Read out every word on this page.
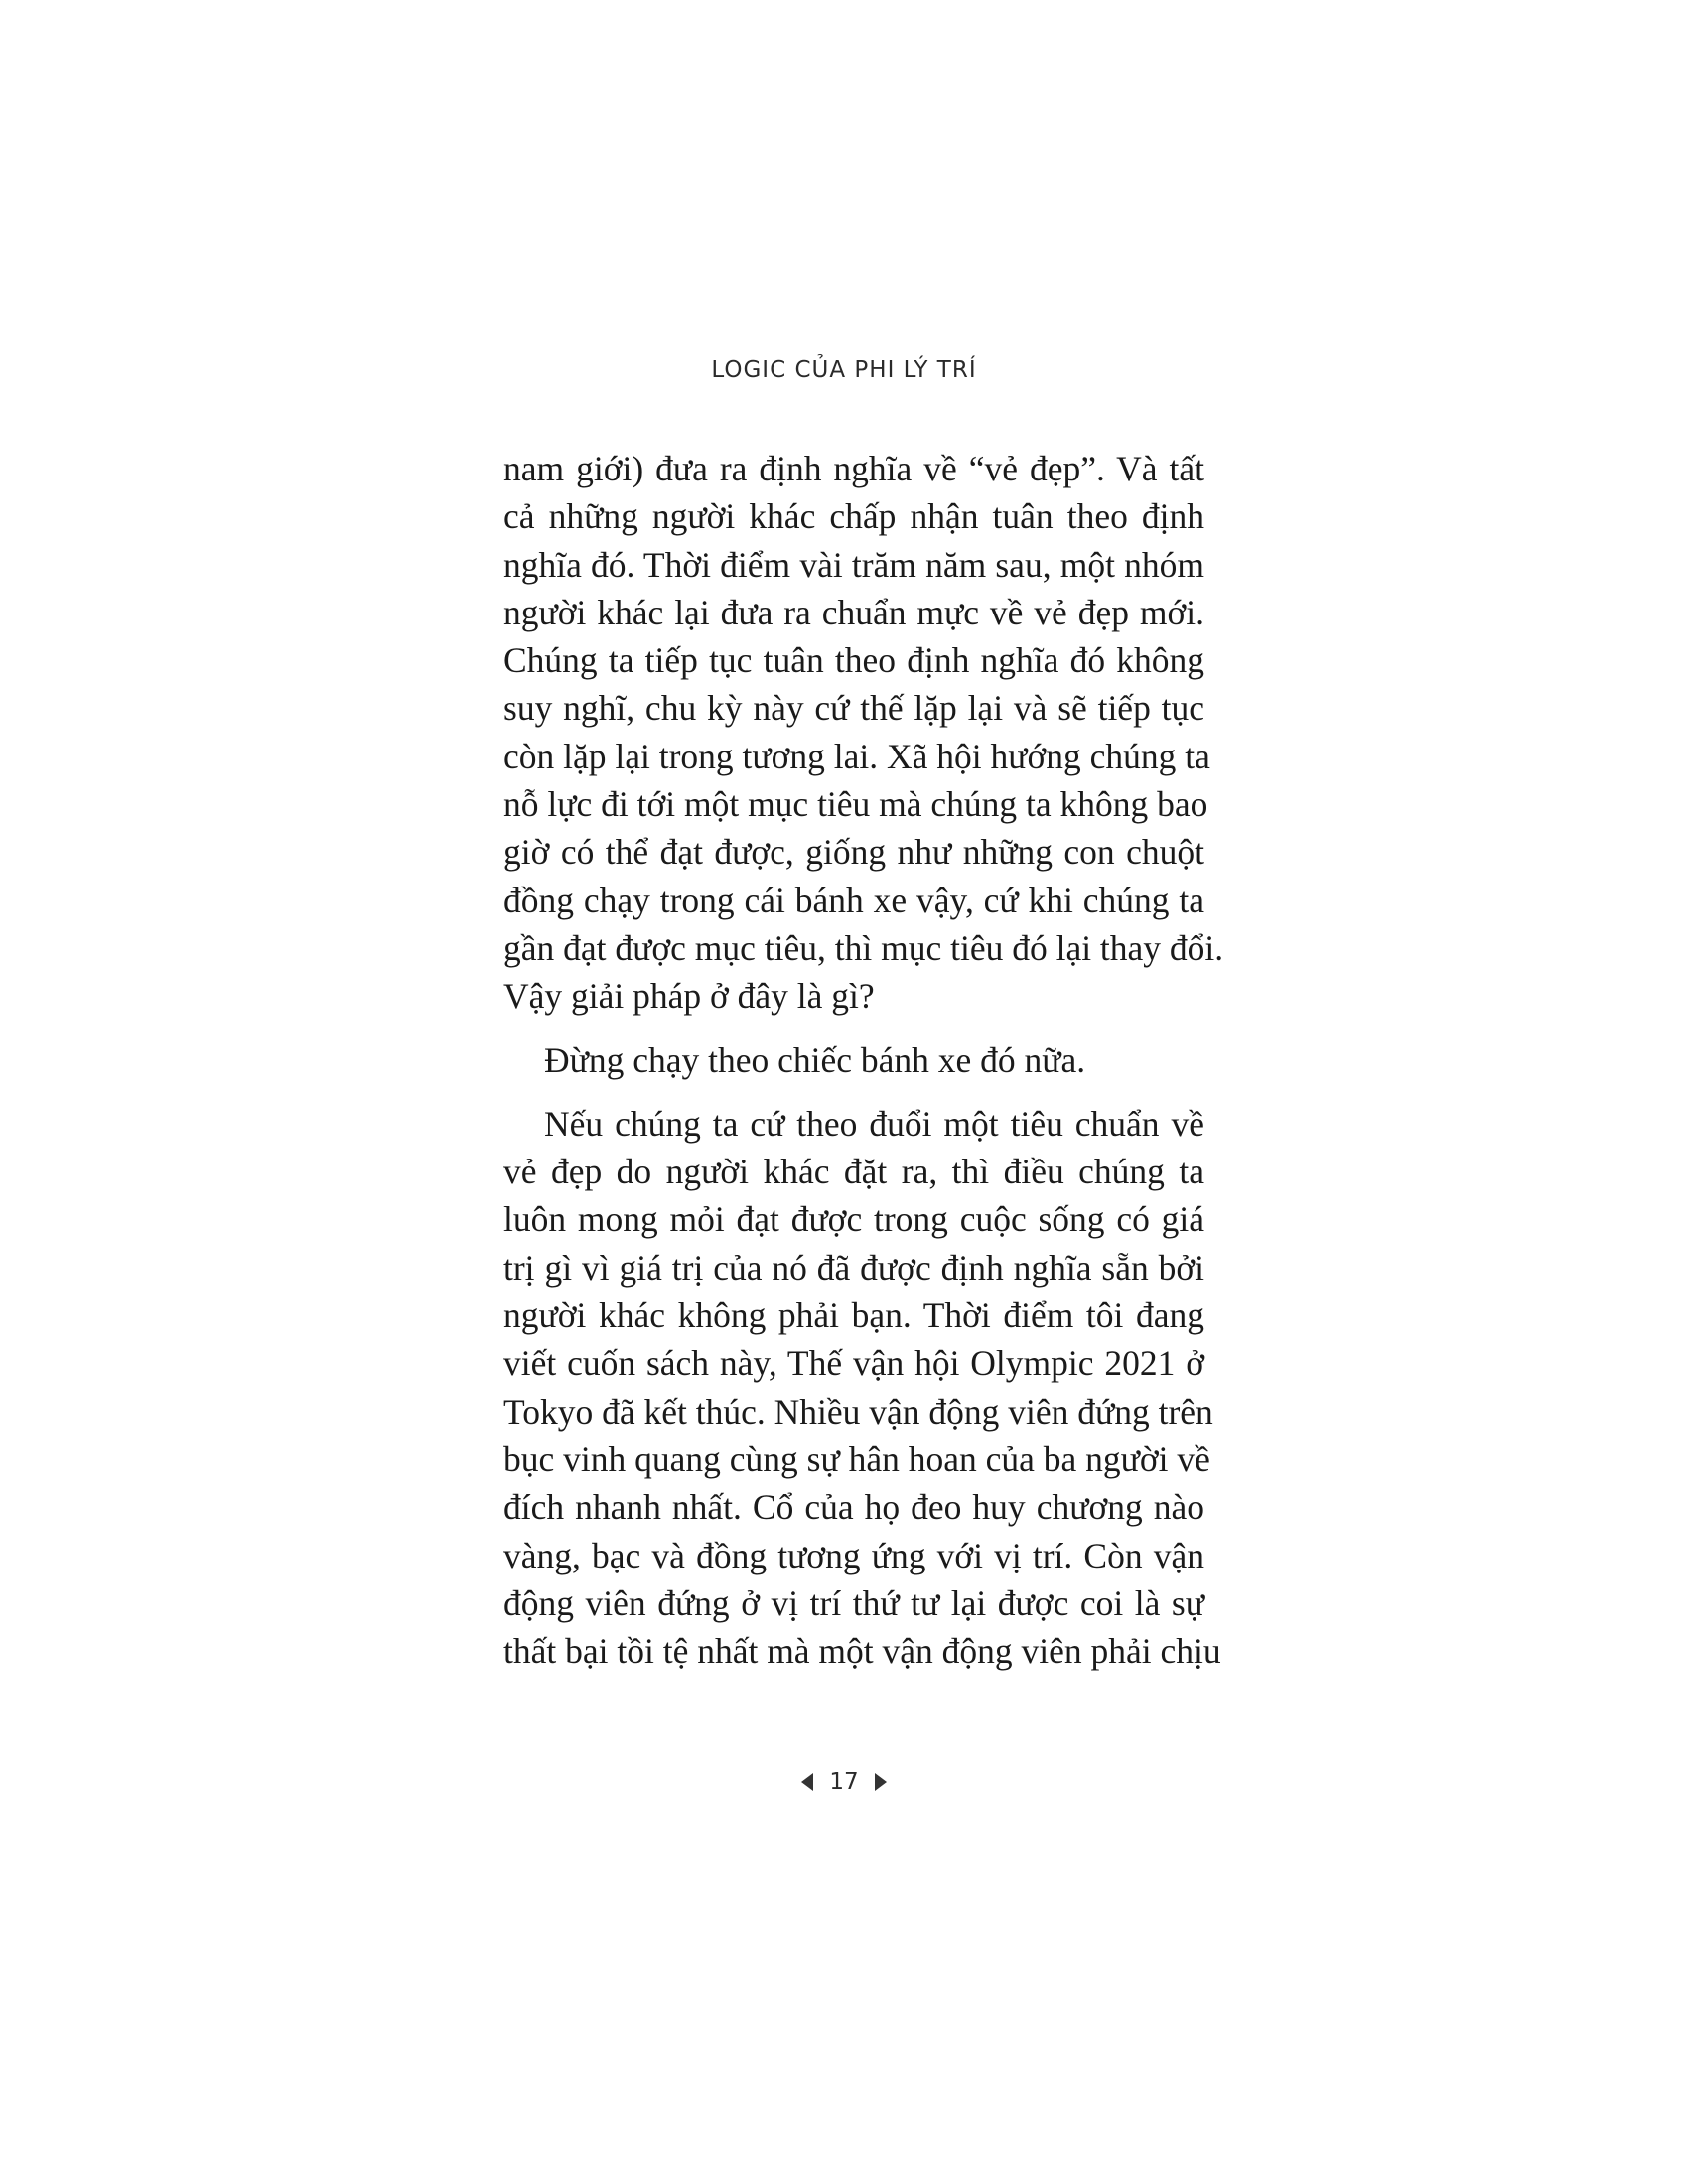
LOGIC CỦA PHI LÝ TRÍ

nam giới) đưa ra định nghĩa về “vẻ đẹp”. Và tất
cả những người khác chấp nhận tuân theo định
nghĩa đó. Thời điểm vài trăm năm sau, một nhóm
người khác lại đưa ra chuẩn mực về vẻ đẹp mới.
Chúng ta tiếp tục tuân theo định nghĩa đó không
suy nghĩ, chu kỳ này cứ thế lặp lại và sẽ tiếp tục
còn lặp lại trong tương lai. Xã hội hướng chúng ta
nỗ lực đi tới một mục tiêu mà chúng ta không bao
giờ có thể đạt được, giống như những con chuột
đồng chạy trong cái bánh xe vậy, cứ khi chúng ta
gần đạt được mục tiêu, thì mục tiêu đó lại thay đổi.
Vậy giải pháp ở đây là gì?

Đừng chạy theo chiếc bánh xe đó nữa.

Nếu chúng ta cứ theo đuổi một tiêu chuẩn về
vẻ đẹp do người khác đặt ra, thì điều chúng ta
luôn mong mỏi đạt được trong cuộc sống có giá
trị gì vì giá trị của nó đã được định nghĩa sẵn bởi
người khác không phải bạn. Thời điểm tôi đang
viết cuốn sách này, Thế vận hội Olympic 2021 ở
Tokyo đã kết thúc. Nhiều vận động viên đứng trên
bục vinh quang cùng sự hân hoan của ba người về
đích nhanh nhất. Cổ của họ đeo huy chương nào
vàng, bạc và đồng tương ứng với vị trí. Còn vận
động viên đứng ở vị trí thứ tư lại được coi là sự
thất bại tồi tệ nhất mà một vận động viên phải chịu

17
